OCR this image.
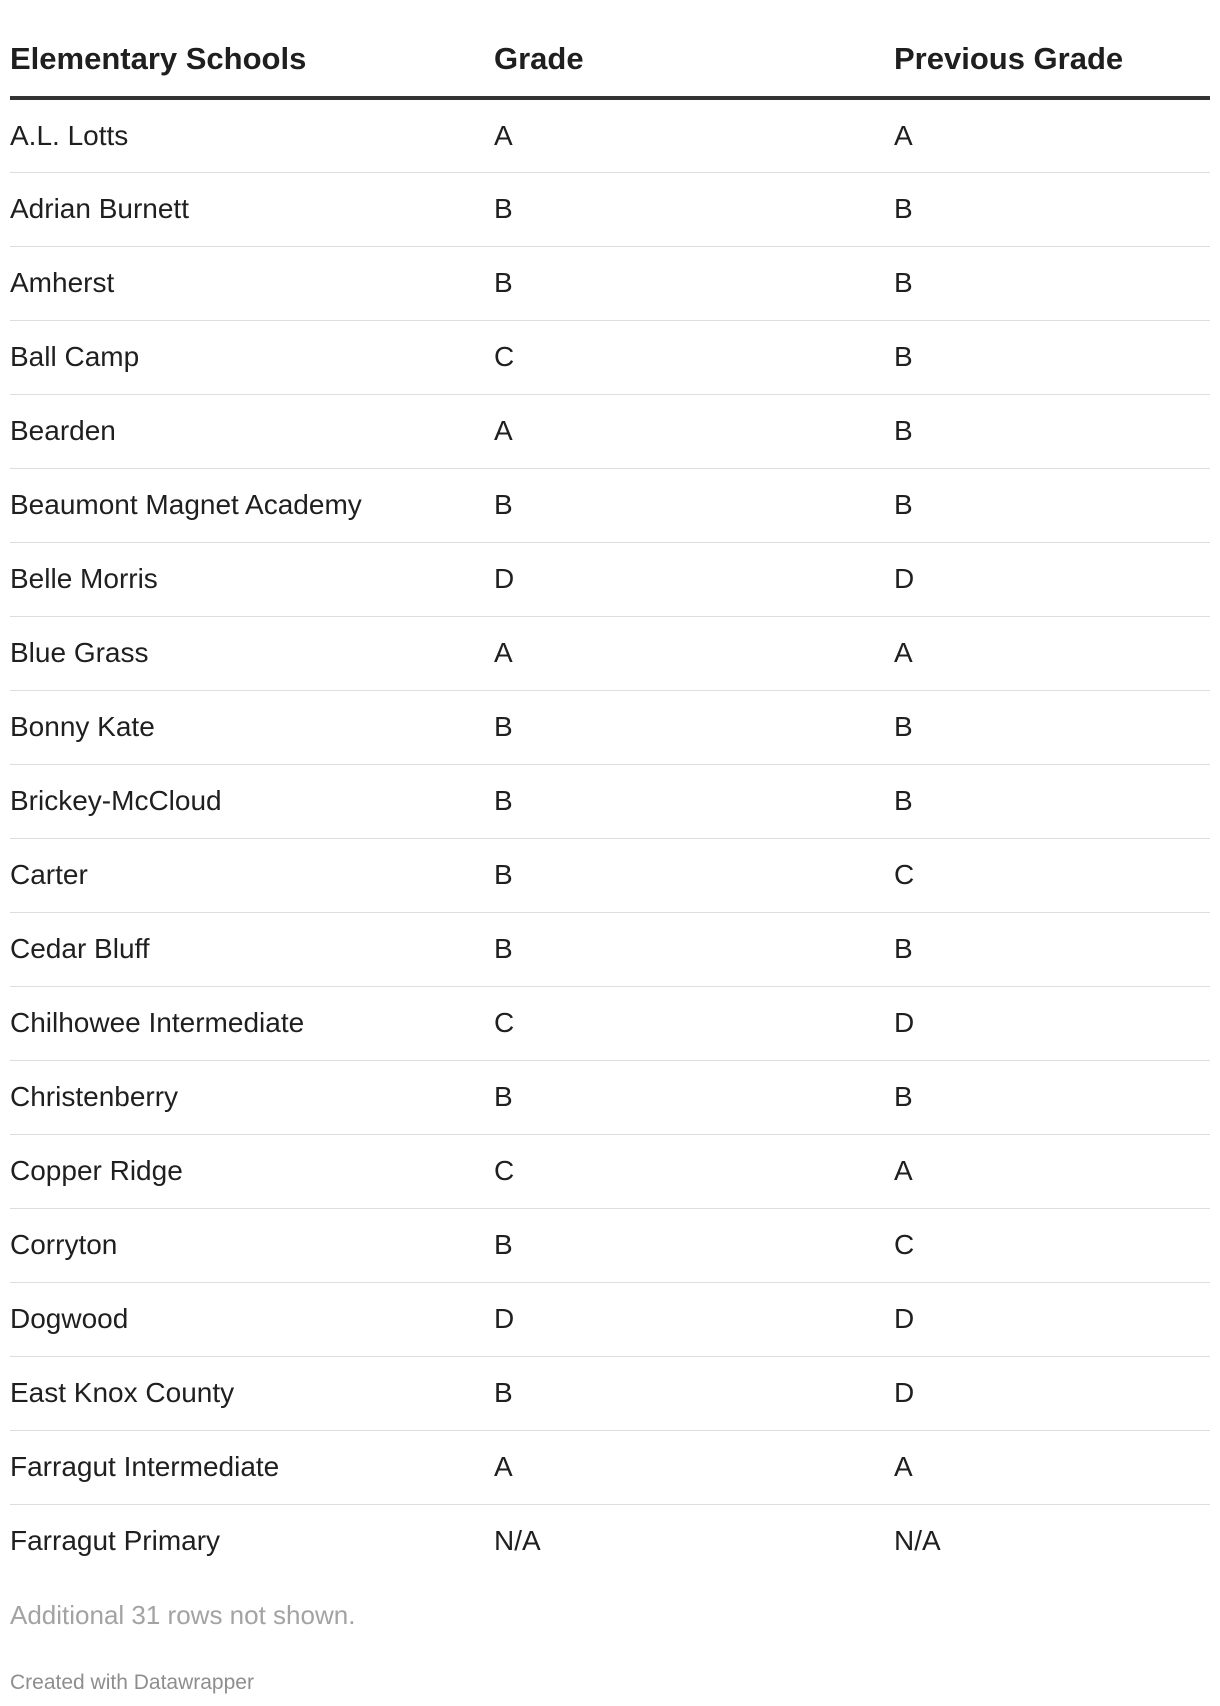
Elementary Schools	Grade	Previous Grade
A.L. Lotts	A	A
Adrian Burnett	B	B
Amherst	B	B
Ball Camp	C	B
Bearden	A	B
Beaumont Magnet Academy	B	B
Belle Morris	D	D
Blue Grass	A	A
Bonny Kate	B	B
Brickey-McCloud	B	B
Carter	B	C
Cedar Bluff	B	B
Chilhowee Intermediate	C	D
Christenberry	B	B
Copper Ridge	C	A
Corryton	B	C
Dogwood	D	D
East Knox County	B	D
Farragut Intermediate	A	A
Farragut Primary	N/A	N/A
Additional 31 rows not shown.
Created with Datawrapper
